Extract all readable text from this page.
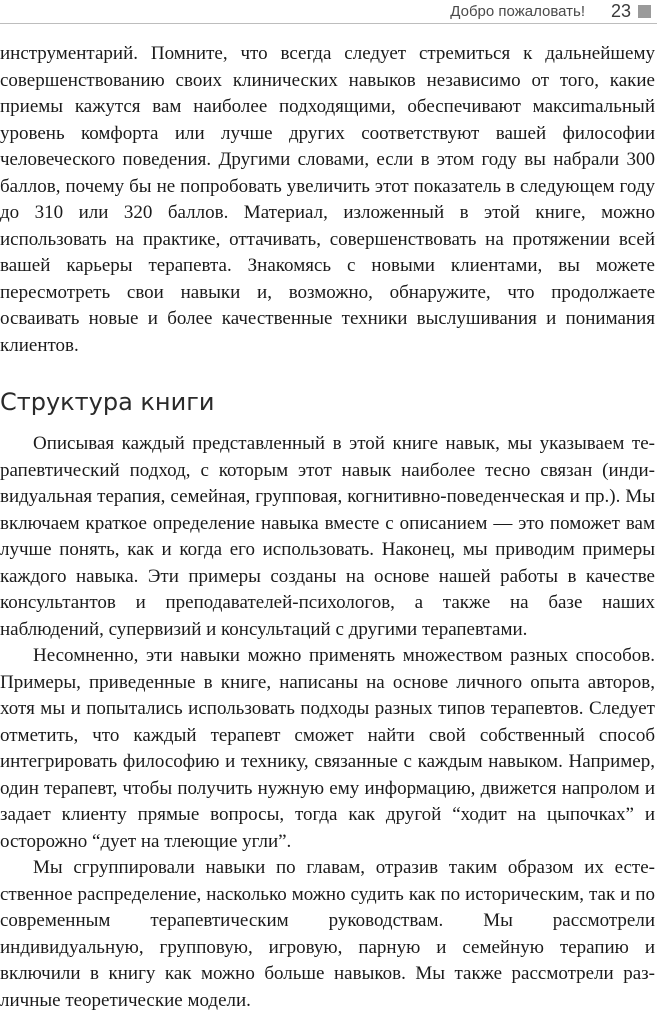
Добро пожаловать! 23

инструментарий. Помните, что всегда следует стремиться к дальнейшему совершенствованию своих клинических навыков независимо от того, какие приемы кажутся вам наиболее подходящими, обеспечивают максиmальный уровень комфорта или лучше других соответствуют вашей философии человеческого поведения. Другими словами, если в этом году вы набрали 300 баллов, почему бы не попробовать увеличить этот показатель в следующем году до 310 или 320 баллов. Материал, изложенный в этой книге, можно использовать на практике, оттачивать, совершенствовать на протяжении всей вашей карьеры терапевта. Знакомясь с новыми клиентами, вы можете пересмотреть свои навыки и, возможно, обнаружите, что продолжаете осваивать новые и более качественные техники выслушивания и понимания клиентов.

Структура книги

Описывая каждый представленный в этой книге навык, мы указываем терапевтический подход, с которым этот навык наиболее тесно связан (индивидуальная терапия, семейная, групповая, когнитивно-поведенческая и пр.). Мы включаем краткое определение навыка вместе с описанием — это поможет вам лучше понять, как и когда его использовать. Наконец, мы приводим примеры каждого навыка. Эти примеры созданы на основе нашей работы в качестве консультантов и преподавателей-психологов, а также на базе наших наблюдений, супервизий и консультаций с другими терапевтами.

Несомненно, эти навыки можно применять множеством разных способов. Примеры, приведенные в книге, написаны на основе личного опыта авторов, хотя мы и попытались использовать подходы разных типов терапевтов. Следует отметить, что каждый терапевт сможет найти свой собственный способ интегрировать философию и технику, связанные с каждым навыком. Например, один терапевт, чтобы получить нужную ему информацию, движется напролом и задает клиенту прямые вопросы, тогда как другой “ходит на цыпочках” и осторожно “дует на тлеющие угли”.

Мы сгруппировали навыки по главам, отразив таким образом их естественное распределение, насколько можно судить как по историческим, так и по современным терапевтическим руководствам. Мы рассмотрели индивидуальную, групповую, игровую, парную и семейную терапию и включили в книгу как можно больше навыков. Мы также рассмотрели различные теоретические модели.
